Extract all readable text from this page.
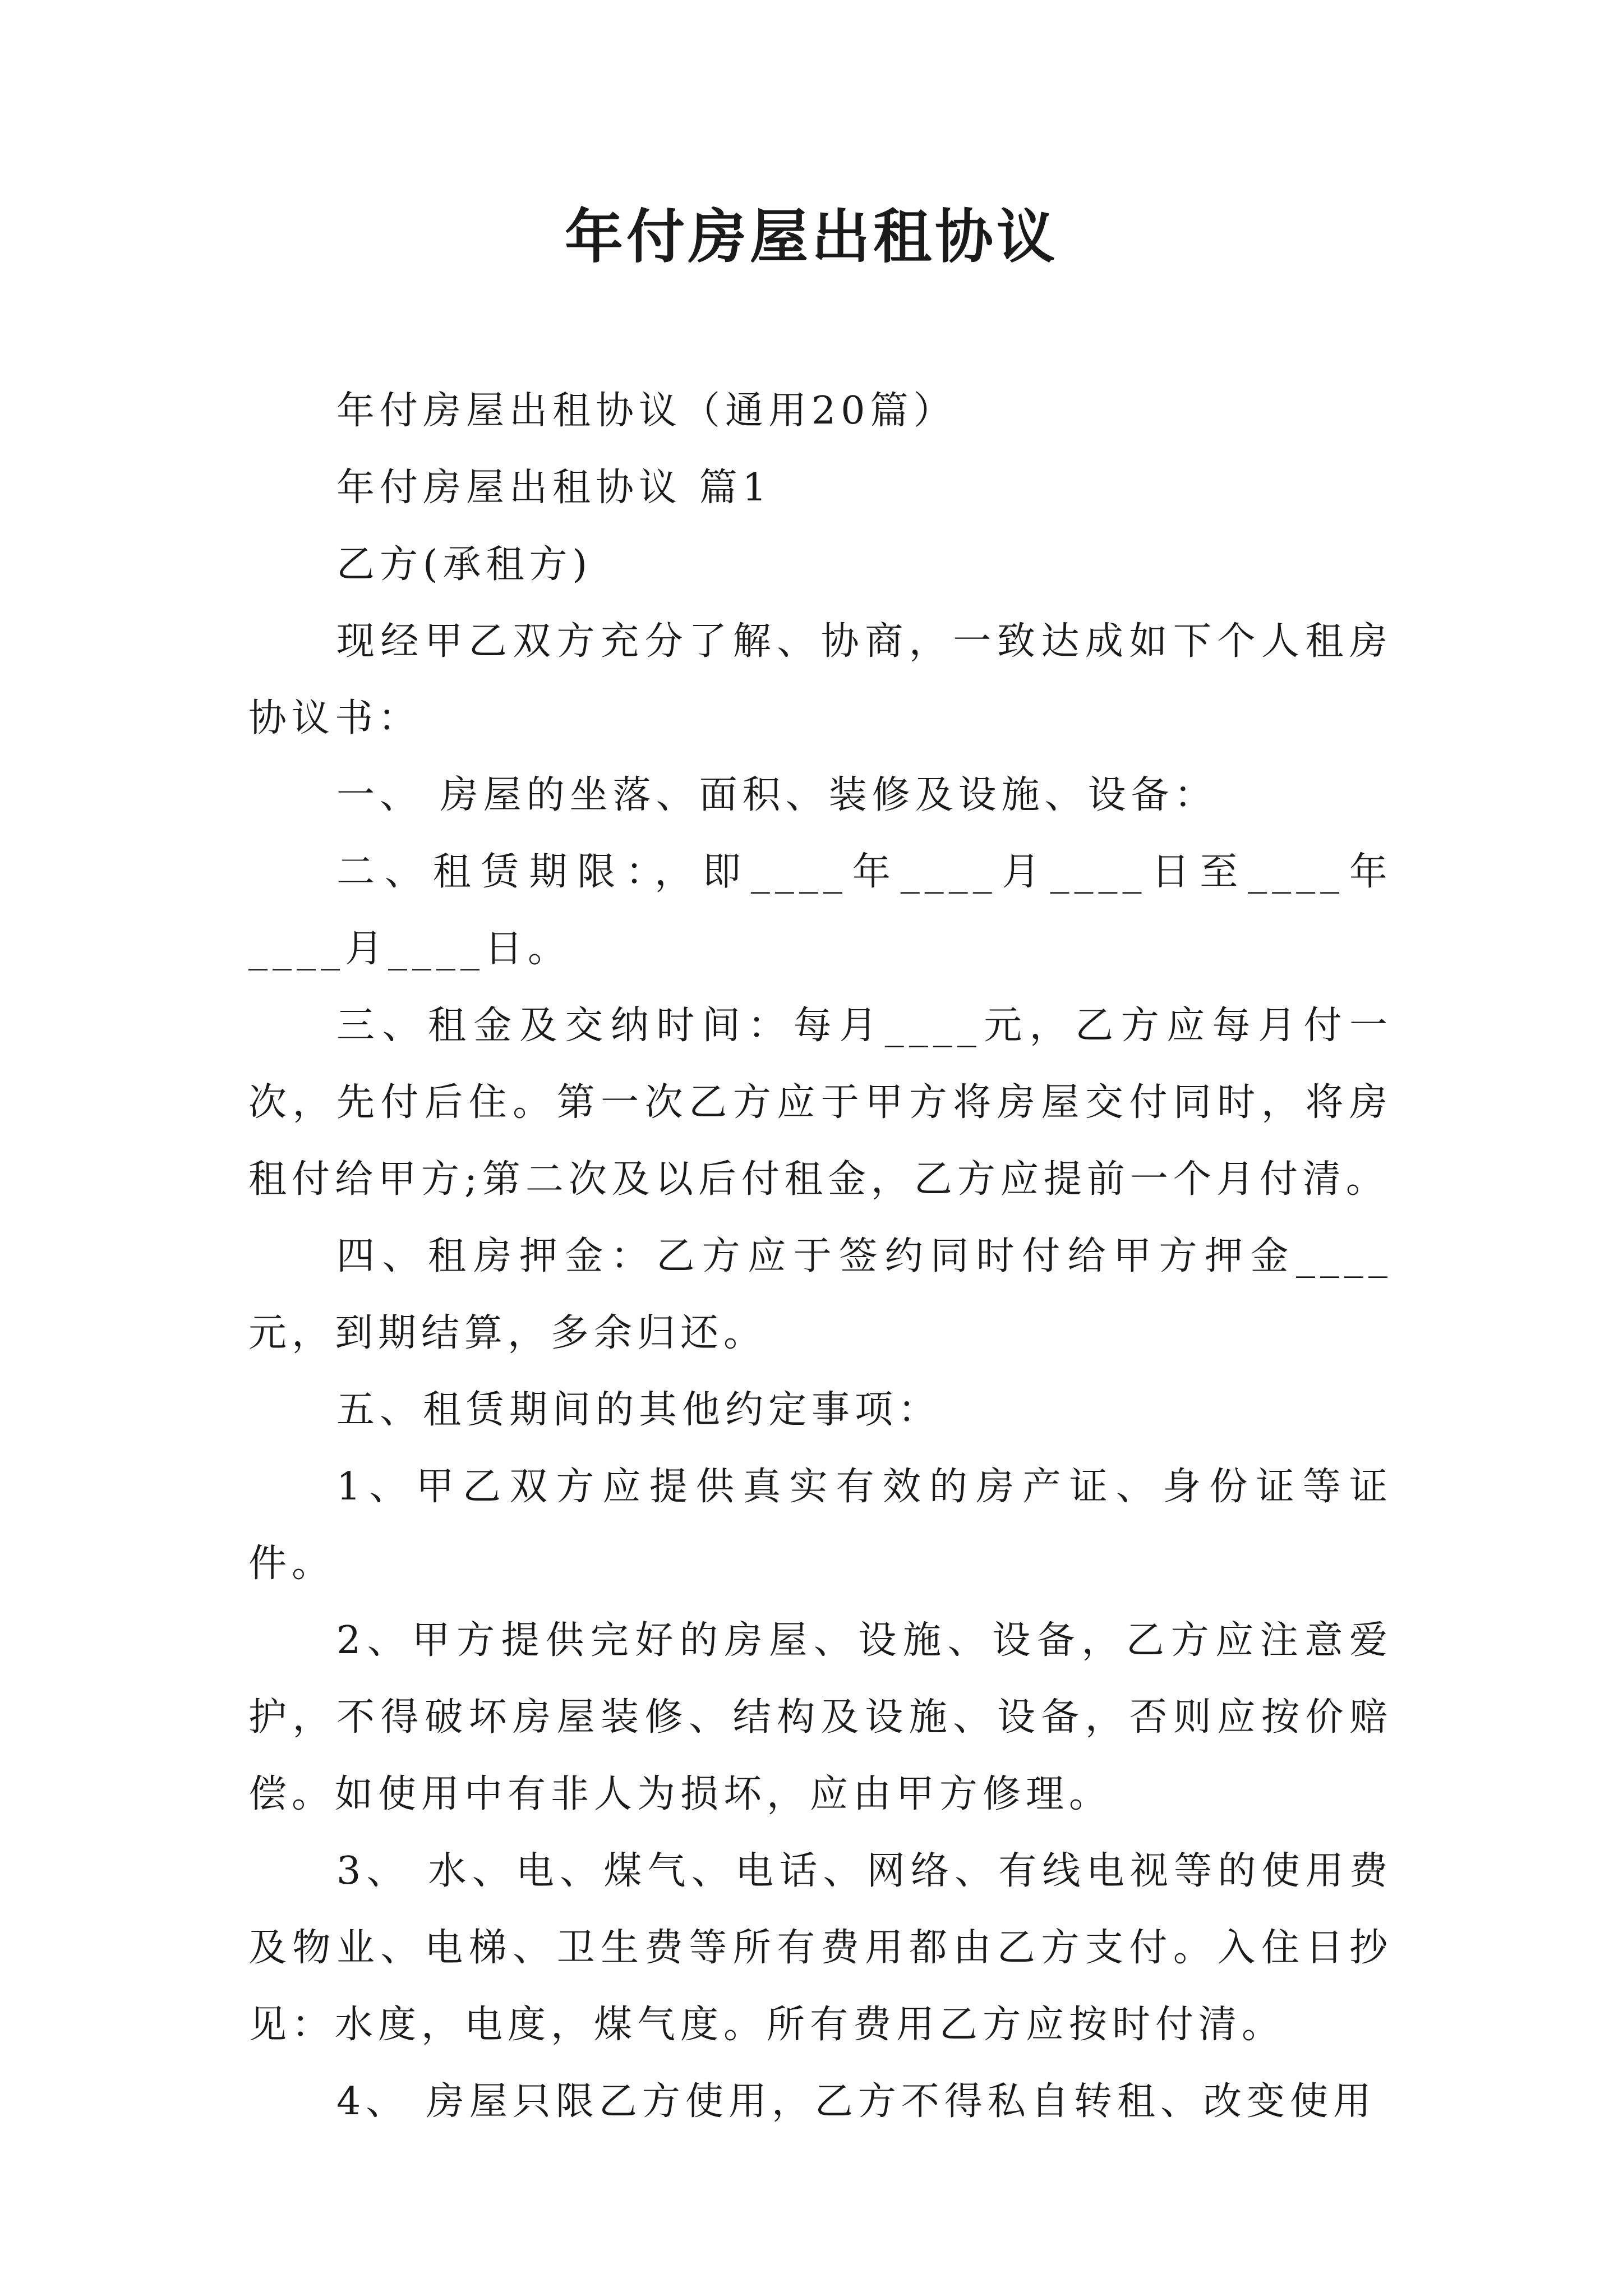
年付房屋出租协议

年付房屋出租协议（通用20篇）

年付房屋出租协议 篇1

乙方(承租方)

现经甲乙双方充分了解、协商，一致达成如下个人租房协议书：

一、 房屋的坐落、面积、装修及设施、设备：

二、租赁期限：，即____年____月____日至____年____月____日。

三、租金及交纳时间：每月____元，乙方应每月付一次，先付后住。第一次乙方应于甲方将房屋交付同时，将房租付给甲方;第二次及以后付租金，乙方应提前一个月付清。

四、租房押金：乙方应于签约同时付给甲方押金____元，到期结算，多余归还。

五、租赁期间的其他约定事项：

1、甲乙双方应提供真实有效的房产证、身份证等证件。

2、甲方提供完好的房屋、设施、设备，乙方应注意爱护，不得破坏房屋装修、结构及设施、设备，否则应按价赔偿。如使用中有非人为损坏，应由甲方修理。

3、 水、电、煤气、电话、网络、有线电视等的使用费及物业、电梯、卫生费等所有费用都由乙方支付。入住日抄见：水度，电度，煤气度。所有费用乙方应按时付清。

4、 房屋只限乙方使用，乙方不得私自转租、改变使用
